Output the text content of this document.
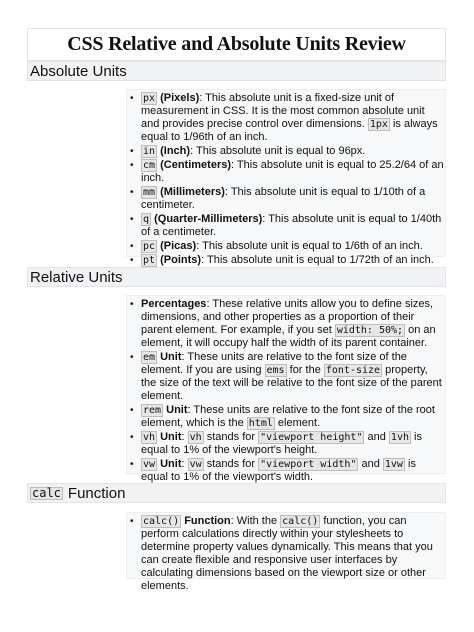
CSS Relative and Absolute Units Review
Absolute Units
• px (Pixels): This absolute unit is a fixed-size unit of measurement in CSS. It is the most common absolute unit and provides precise control over dimensions. 1px is always equal to 1/96th of an inch.
• in (Inch): This absolute unit is equal to 96px.
• cm (Centimeters): This absolute unit is equal to 25.2/64 of an inch.
• mm (Millimeters): This absolute unit is equal to 1/10th of a centimeter.
• q (Quarter-Millimeters): This absolute unit is equal to 1/40th of a centimeter.
• pc (Picas): This absolute unit is equal to 1/6th of an inch.
• pt (Points): This absolute unit is equal to 1/72th of an inch.
Relative Units
• Percentages: These relative units allow you to define sizes, dimensions, and other properties as a proportion of their parent element. For example, if you set width: 50%; on an element, it will occupy half the width of its parent container.
• em Unit: These units are relative to the font size of the element. If you are using ems for the font-size property, the size of the text will be relative to the font size of the parent element.
• rem Unit: These units are relative to the font size of the root element, which is the html element.
• vh Unit: vh stands for "viewport height" and 1vh is equal to 1% of the viewport's height.
• vw Unit: vw stands for "viewport width" and 1vw is equal to 1% of the viewport's width.
calc Function
• calc() Function: With the calc() function, you can perform calculations directly within your stylesheets to determine property values dynamically. This means that you can create flexible and responsive user interfaces by calculating dimensions based on the viewport size or other elements.
